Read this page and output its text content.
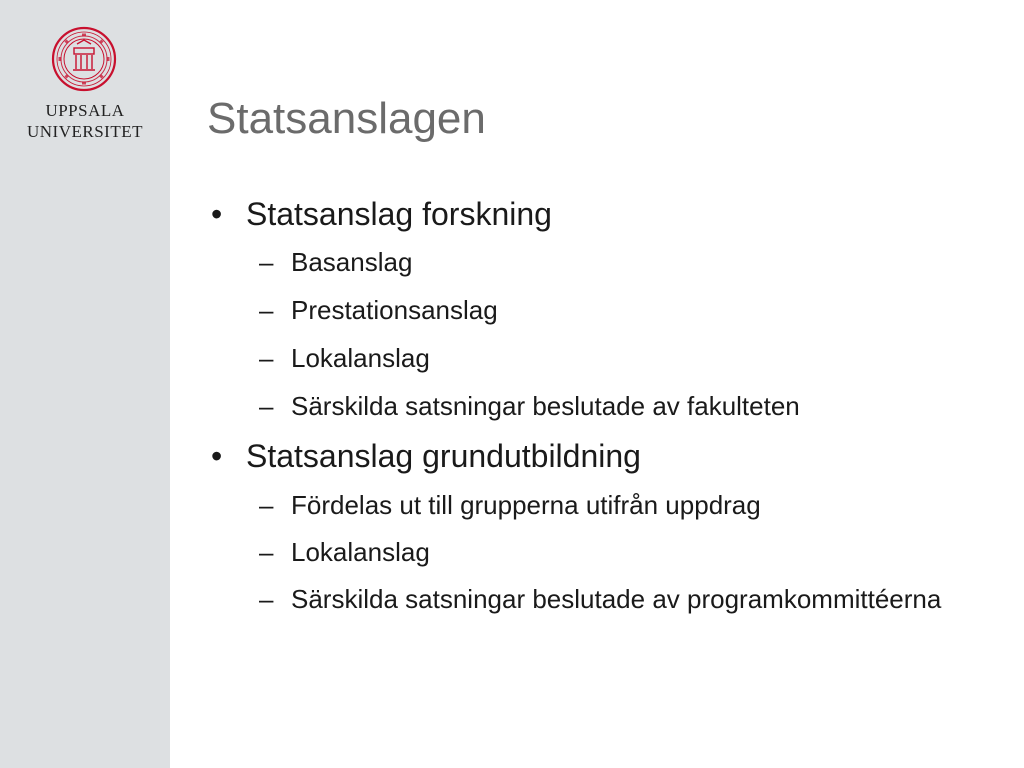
UPPSALA
UNIVERSITET	Statsanslagen
• Statsanslag forskning
– Basanslag
– Prestationsanslag
– Lokalanslag
– Särskilda satsningar beslutade av fakulteten
• Statsanslag grundutbildning
– Fördelas ut till grupperna utifrån uppdrag
– Lokalanslag
– Särskilda satsningar beslutade av programkommittéerna
